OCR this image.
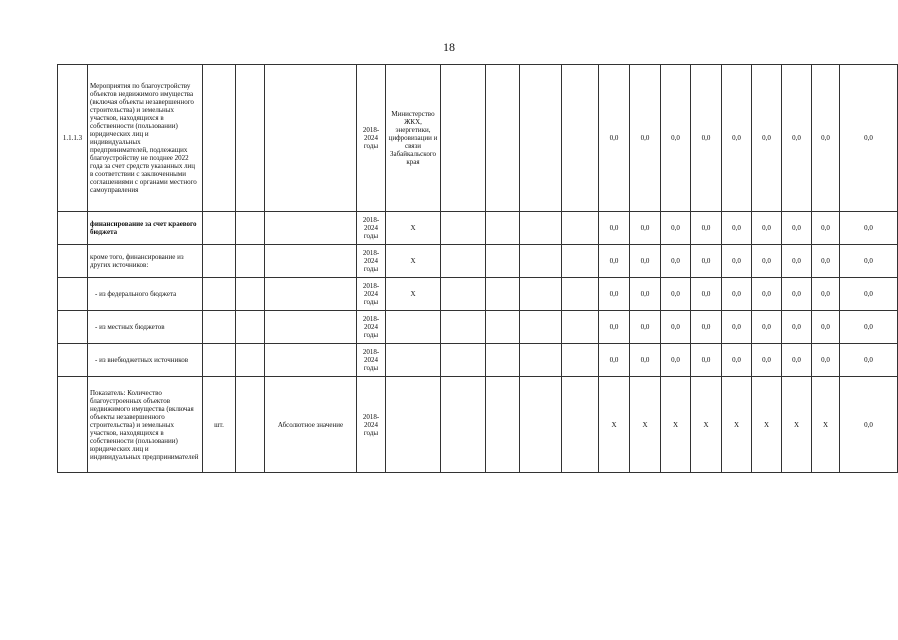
18
1.1.1.3	Мероприятия по благоустройству объектов недвижимого имущества (включая объекты незавершенного строительства) и земельных участков, находящихся в собственности (пользовании) юридических лиц и индивидуальных предпринимателей, подлежащих благоустройству не позднее 2022 года за счет средств указанных лиц в соответствии с заключенными соглашениями с органами местного самоуправления				2018-2024 годы	Министерство ЖКХ, энергетики, цифровизации и связи Забайкальского края					0,0	0,0	0,0	0,0	0,0	0,0	0,0	0,0	0,0
	финансирование за счет краевого бюджета				2018-2024 годы	Х					0,0	0,0	0,0	0,0	0,0	0,0	0,0	0,0	0,0
	кроме того, финансирование из других источников:				2018-2024 годы	Х					0,0	0,0	0,0	0,0	0,0	0,0	0,0	0,0	0,0
	- из федерального бюджета				2018-2024 годы	Х					0,0	0,0	0,0	0,0	0,0	0,0	0,0	0,0	0,0
	- из местных бюджетов				2018-2024 годы						0,0	0,0	0,0	0,0	0,0	0,0	0,0	0,0	0,0
	- из внебюджетных источников				2018-2024 годы						0,0	0,0	0,0	0,0	0,0	0,0	0,0	0,0	0,0
	Показатель: Количество благоустроенных объектов недвижимого имущества (включая объекты незавершенного строительства) и земельных участков, находящихся в собственности (пользовании) юридических лиц и индивидуальных предпринимателей	шт.		Абсолютное значение	2018-2024 годы						Х	Х	Х	Х	Х	Х	Х	Х	0,0
